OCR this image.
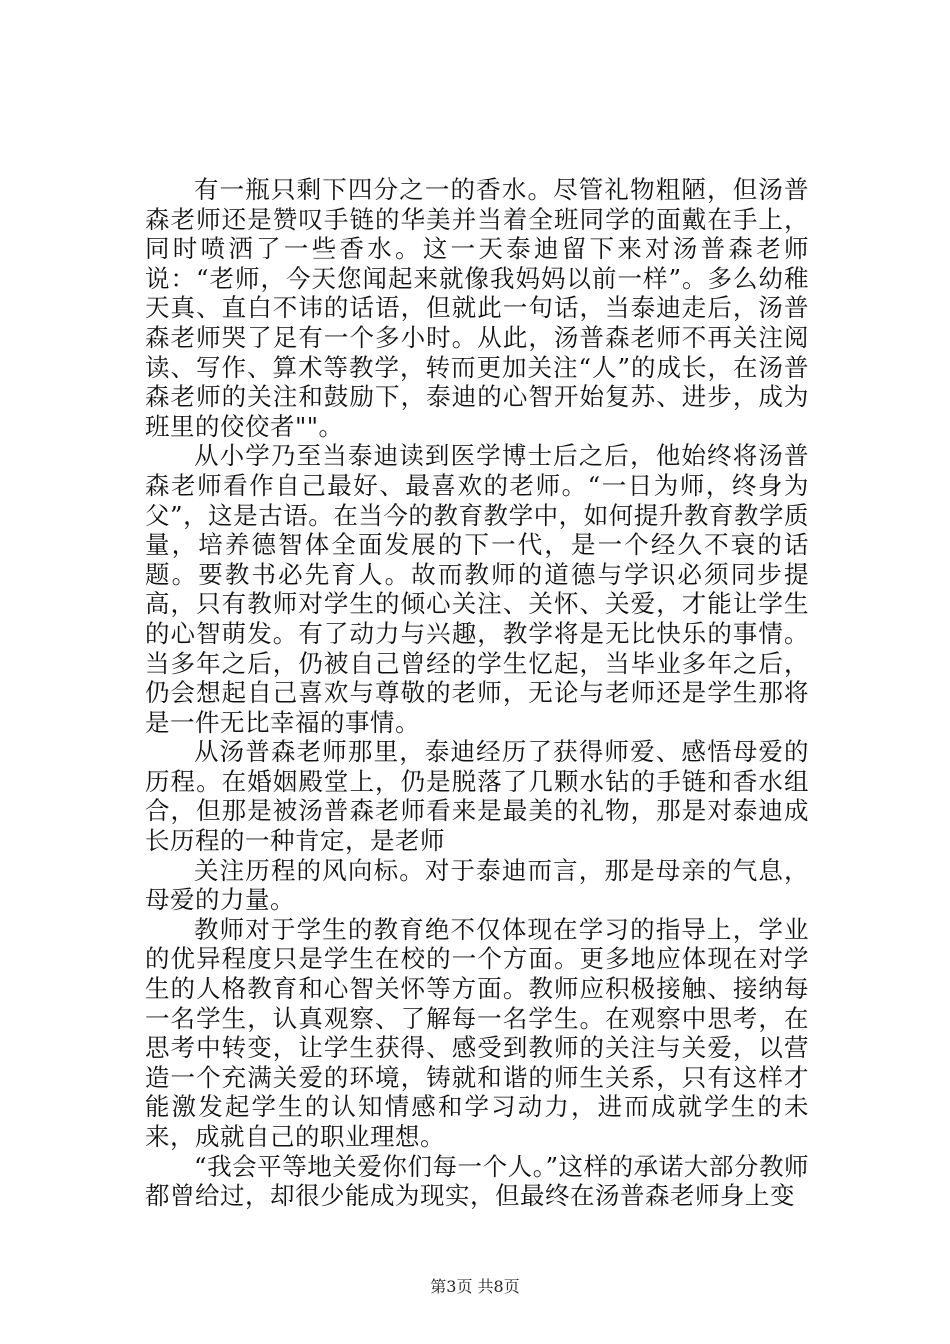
有一瓶只剩下四分之一的香水。尽管礼物粗陋，但汤普森老师还是赞叹手链的华美并当着全班同学的面戴在手上，同时喷洒了一些香水。这一天泰迪留下来对汤普森老师说：“老师，今天您闻起来就像我妈妈以前一样”。多么幼稚天真、直白不讳的话语，但就此一句话，当泰迪走后，汤普森老师哭了足有一个多小时。从此，汤普森老师不再关注阅读、写作、算术等教学，转而更加关注“人”的成长，在汤普森老师的关注和鼓励下，泰迪的心智开始复苏、进步，成为班里的佼佼者""。

从小学乃至当泰迪读到医学博士后之后，他始终将汤普森老师看作自己最好、最喜欢的老师。“一日为师，终身为父”，这是古语。在当今的教育教学中，如何提升教育教学质量，培养德智体全面发展的下一代，是一个经久不衰的话题。要教书必先育人。故而教师的道德与学识必须同步提高，只有教师对学生的倾心关注、关怀、关爱，才能让学生的心智萌发。有了动力与兴趣，教学将是无比快乐的事情。当多年之后，仍被自己曾经的学生忆起，当毕业多年之后，仍会想起自己喜欢与尊敬的老师，无论与老师还是学生那将是一件无比幸福的事情。

从汤普森老师那里，泰迪经历了获得师爱、感悟母爱的历程。在婚姻殿堂上，仍是脱落了几颗水钻的手链和香水组合，但那是被汤普森老师看来是最美的礼物，那是对泰迪成长历程的一种肯定，是老师

关注历程的风向标。对于泰迪而言，那是母亲的气息，母爱的力量。

教师对于学生的教育绝不仅体现在学习的指导上，学业的优异程度只是学生在校的一个方面。更多地应体现在对学生的人格教育和心智关怀等方面。教师应积极接触、接纳每一名学生，认真观察、了解每一名学生。在观察中思考，在思考中转变，让学生获得、感受到教师的关注与关爱，以营造一个充满关爱的环境，铸就和谐的师生关系，只有这样才能激发起学生的认知情感和学习动力，进而成就学生的未来，成就自己的职业理想。

“我会平等地关爱你们每一个人。”这样的承诺大部分教师都曾给过，却很少能成为现实，但最终在汤普森老师身上变

第3页 共8页
